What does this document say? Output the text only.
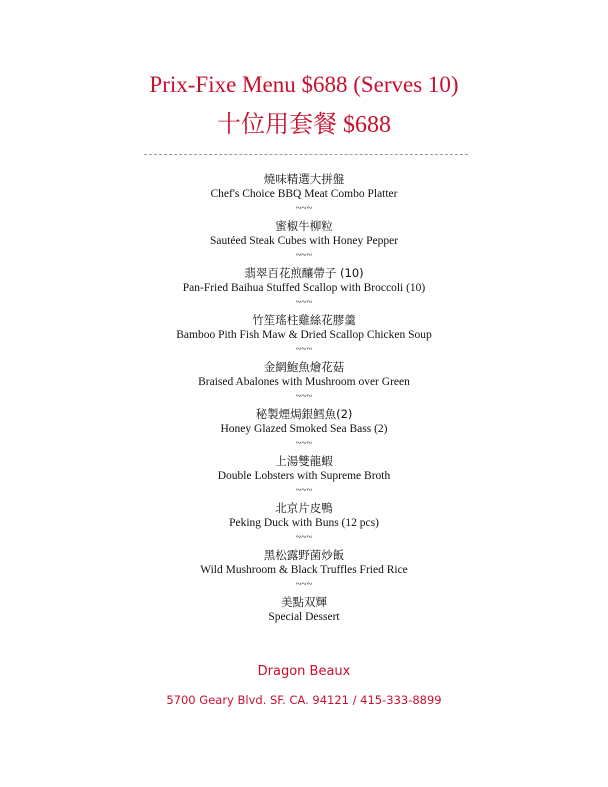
Prix-Fixe Menu $688 (Serves 10)
十位用套餐 $688
燒味精選大拼盤
Chef's Choice BBQ Meat Combo Platter
~~~
蜜椒牛柳粒
Sautéed Steak Cubes with Honey Pepper
~~~
翡翠百花煎釀帶子 (10)
Pan-Fried Baihua Stuffed Scallop with Broccoli (10)
~~~
竹笙瑤柱雞絲花膠羹
Bamboo Pith Fish Maw & Dried Scallop Chicken Soup
~~~
金網鮑魚燴花菇
Braised Abalones with Mushroom over Green
~~~
秘製煙焗銀鱈魚(2)
Honey Glazed Smoked Sea Bass (2)
~~~
上湯雙龍蝦
Double Lobsters with Supreme Broth
~~~
北京片皮鴨
Peking Duck with Buns (12 pcs)
~~~
黑松露野菌炒飯
Wild Mushroom & Black Truffles Fried Rice
~~~
美點双輝
Special Dessert
Dragon Beaux
5700 Geary Blvd. SF. CA. 94121 / 415-333-8899
